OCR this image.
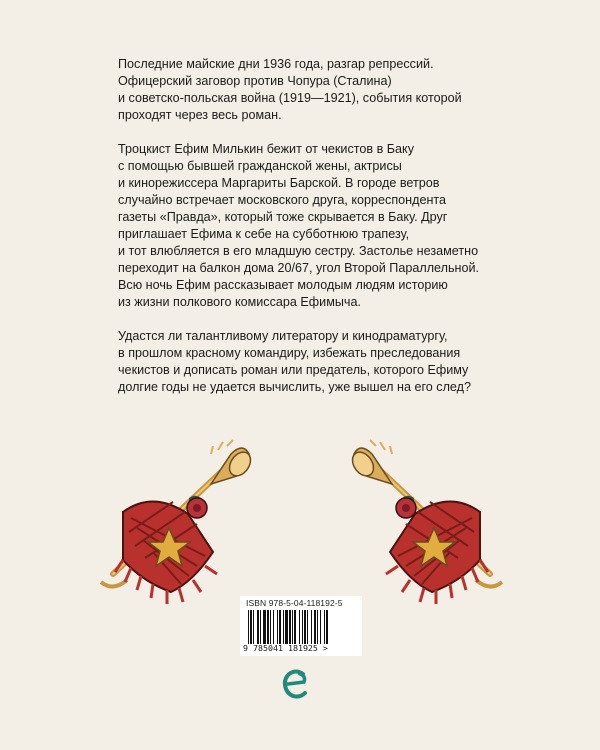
Последние майские дни 1936 года, разгар репрессий.
Офицерский заговор против Чопура (Сталина)
и советско-польская война (1919—1921), события которой
проходят через весь роман.

Троцкист Ефим Милькин бежит от чекистов в Баку
с помощью бывшей гражданской жены, актрисы
и кинорежиссера Маргариты Барской. В городе ветров
случайно встречает московского друга, корреспондента
газеты «Правда», который тоже скрывается в Баку. Друг
приглашает Ефима к себе на субботнюю трапезу,
и тот влюбляется в его младшую сестру. Застолье незаметно
переходит на балкон дома 20/67, угол Второй Параллельной.
Всю ночь Ефим рассказывает молодым людям историю
из жизни полкового комиссара Ефимыча.

Удастся ли талантливому литератору и кинодраматургу,
в прошлом красному командиру, избежать преследования
чекистов и дописать роман или предатель, которого Ефиму
долгие годы не удается вычислить, уже вышел на его след?

ISBN 978-5-04-118192-5
9 785041 181925 >
